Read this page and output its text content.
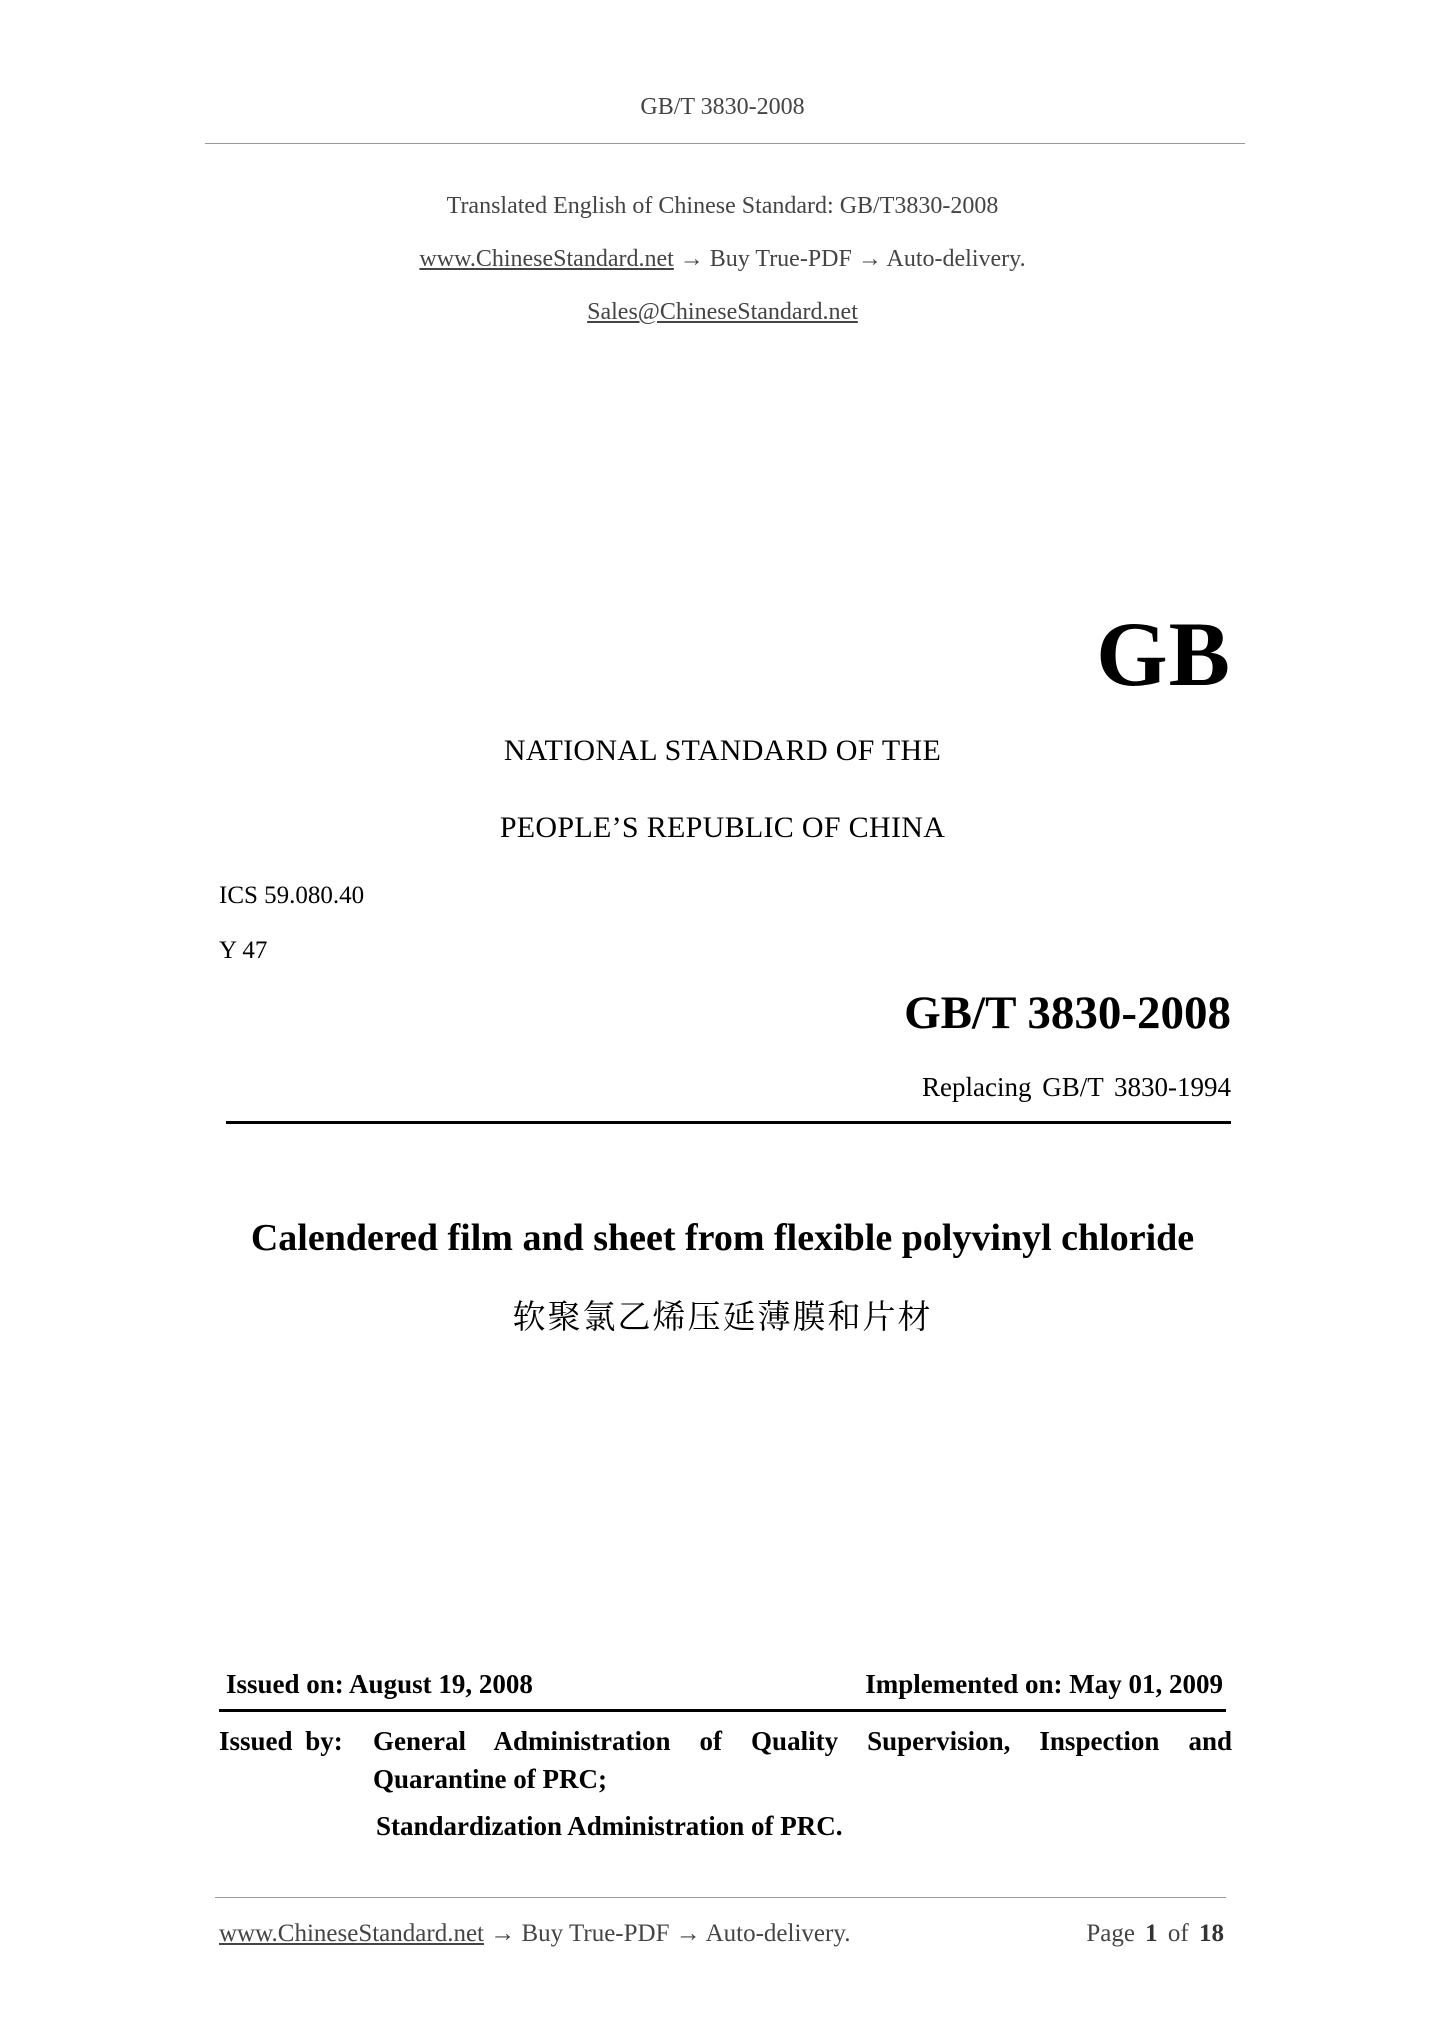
GB/T 3830-2008
Translated English of Chinese Standard: GB/T3830-2008
www.ChineseStandard.net → Buy True-PDF → Auto-delivery.
Sales@ChineseStandard.net
GB
NATIONAL STANDARD OF THE
PEOPLE’S REPUBLIC OF CHINA
ICS 59.080.40
Y 47
GB/T 3830-2008
Replacing GB/T 3830-1994
Calendered film and sheet from flexible polyvinyl chloride
软聚氯乙烯压延薄膜和片材
Issued on: August 19, 2008	Implemented on: May 01, 2009
Issued by: General Administration of Quality Supervision, Inspection and
Quarantine of PRC;
Standardization Administration of PRC.
www.ChineseStandard.net → Buy True-PDF → Auto-delivery.	Page 1 of 18
